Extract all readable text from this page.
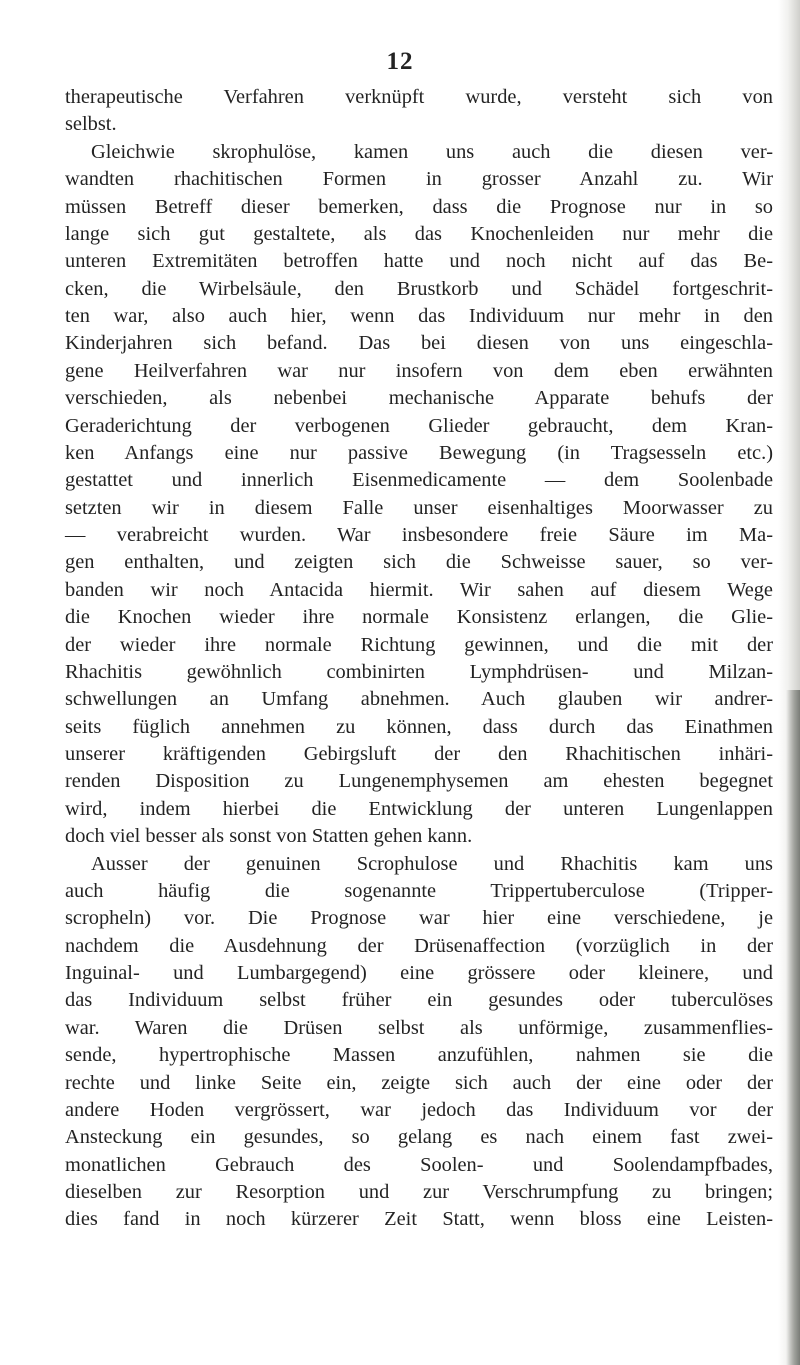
12
therapeutische Verfahren verknüpft wurde, versteht sich von
selbst.
Gleichwie skrophulöse, kamen uns auch die diesen ver-
wandten rhachitischen Formen in grosser Anzahl zu. Wir
müssen Betreff dieser bemerken, dass die Prognose nur in so
lange sich gut gestaltete, als das Knochenleiden nur mehr die
unteren Extremitäten betroffen hatte und noch nicht auf das Be-
cken, die Wirbelsäule, den Brustkorb und Schädel fortgeschrit-
ten war, also auch hier, wenn das Individuum nur mehr in den
Kinderjahren sich befand. Das bei diesen von uns eingeschla-
gene Heilverfahren war nur insofern von dem eben erwähnten
verschieden, als nebenbei mechanische Apparate behufs der
Geraderichtung der verbogenen Glieder gebraucht, dem Kran-
ken Anfangs eine nur passive Bewegung (in Tragsesseln etc.)
gestattet und innerlich Eisenmedicamente — dem Soolenbade
setzten wir in diesem Falle unser eisenhaltiges Moorwasser zu
— verabreicht wurden. War insbesondere freie Säure im Ma-
gen enthalten, und zeigten sich die Schweisse sauer, so ver-
banden wir noch Antacida hiermit. Wir sahen auf diesem Wege
die Knochen wieder ihre normale Konsistenz erlangen, die Glie-
der wieder ihre normale Richtung gewinnen, und die mit der
Rhachitis gewöhnlich combinirten Lymphdrüsen- und Milzan-
schwellungen an Umfang abnehmen. Auch glauben wir andrer-
seits füglich annehmen zu können, dass durch das Einathmen
unserer kräftigenden Gebirgsluft der den Rhachitischen inhäri-
renden Disposition zu Lungenemphysemen am ehesten begegnet
wird, indem hierbei die Entwicklung der unteren Lungenlappen
doch viel besser als sonst von Statten gehen kann.
Ausser der genuinen Scrophulose und Rhachitis kam uns
auch häufig die sogenannte Trippertuberculose (Tripper-
scropheln) vor. Die Prognose war hier eine verschiedene, je
nachdem die Ausdehnung der Drüsenaffection (vorzüglich in der
Inguinal- und Lumbargegend) eine grössere oder kleinere, und
das Individuum selbst früher ein gesundes oder tuberculöses
war. Waren die Drüsen selbst als unförmige, zusammenflies-
sende, hypertrophische Massen anzufühlen, nahmen sie die
rechte und linke Seite ein, zeigte sich auch der eine oder der
andere Hoden vergrössert, war jedoch das Individuum vor der
Ansteckung ein gesundes, so gelang es nach einem fast zwei-
monatlichen Gebrauch des Soolen- und Soolendampfbades,
dieselben zur Resorption und zur Verschrumpfung zu bringen;
dies fand in noch kürzerer Zeit Statt, wenn bloss eine Leisten-
